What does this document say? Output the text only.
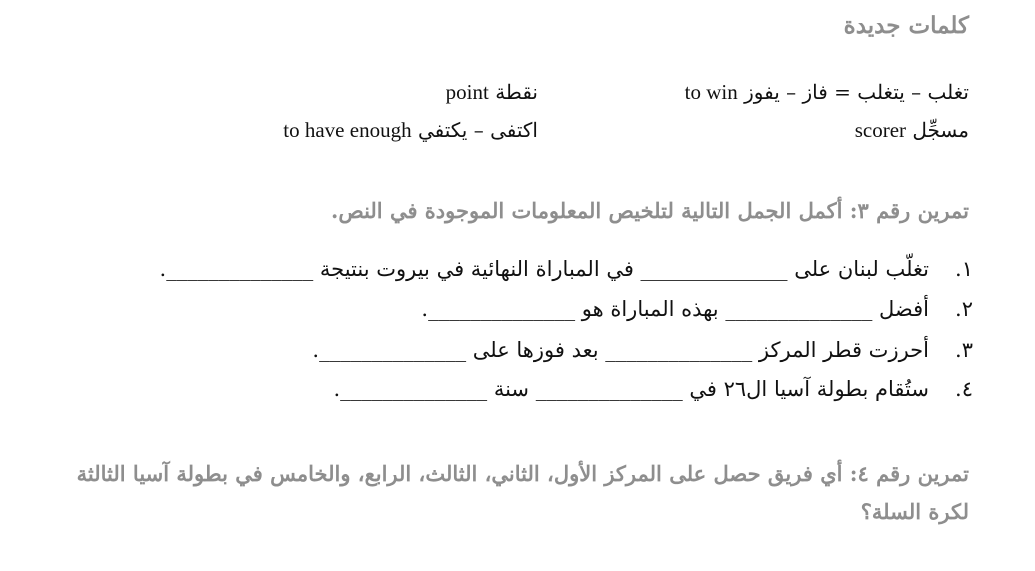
كلمات جديدة
تغلب – يتغلب = فاز – يفوز to win
نقطة point
مسجِّل scorer
اكتفى – يكتفي to have enough
تمرين رقم ٣: أكمل الجمل التالية لتلخيص المعلومات الموجودة في النص.
١.
تغلّب لبنان على ______________ في المباراة النهائية في بيروت بنتيجة ______________.
٢.
أفضل ______________ بهذه المباراة هو ______________.
٣.
أحرزت قطر المركز ______________ بعد فوزها على ______________.
٤.
ستُقام بطولة آسيا ال٢٦ في ______________ سنة ______________.
تمرين رقم ٤: أي فريق حصل على المركز الأول، الثاني، الثالث، الرابع، والخامس في بطولة آسيا الثالثة لكرة السلة؟
